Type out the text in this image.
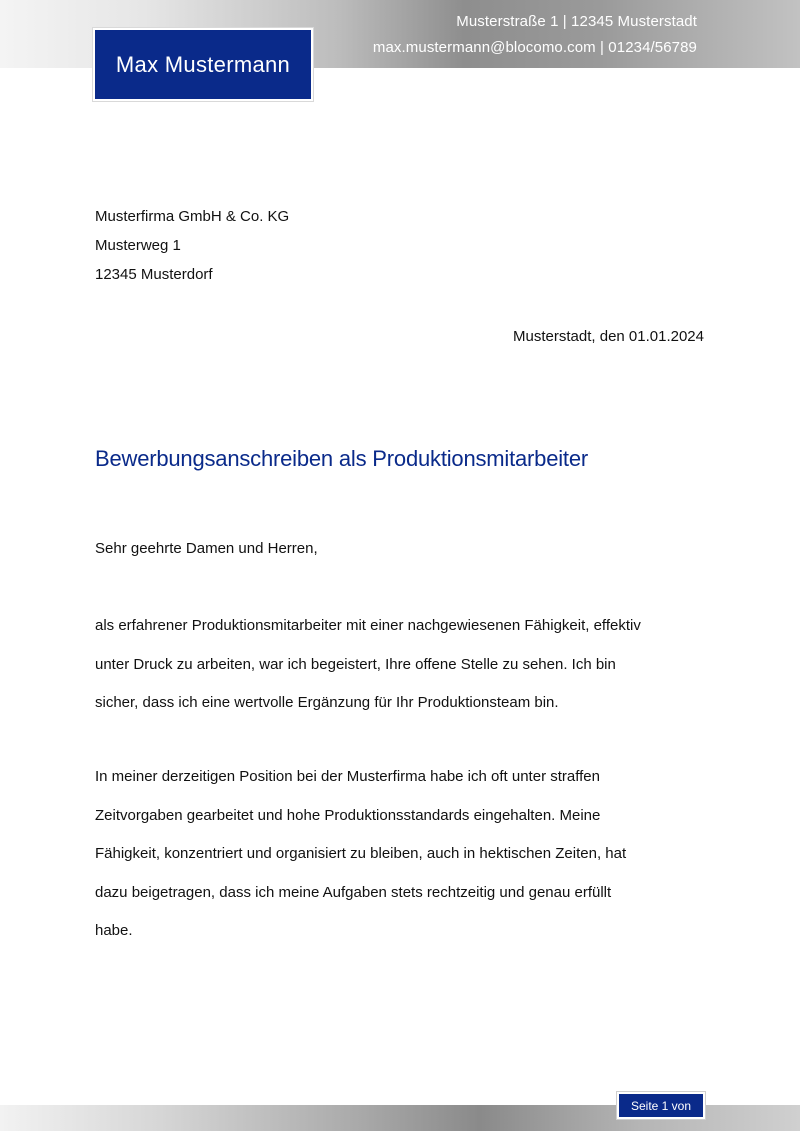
Musterstraße 1 | 12345 Musterstadt
max.mustermann@blocomo.com | 01234/56789
Max Mustermann
Musterfirma GmbH & Co. KG
Musterweg 1
12345 Musterdorf
Musterstadt, den 01.01.2024
Bewerbungsanschreiben als Produktionsmitarbeiter
Sehr geehrte Damen und Herren,
als erfahrener Produktionsmitarbeiter mit einer nachgewiesenen Fähigkeit, effektiv
unter Druck zu arbeiten, war ich begeistert, Ihre offene Stelle zu sehen. Ich bin
sicher, dass ich eine wertvolle Ergänzung für Ihr Produktionsteam bin.
In meiner derzeitigen Position bei der Musterfirma habe ich oft unter straffen
Zeitvorgaben gearbeitet und hohe Produktionsstandards eingehalten. Meine
Fähigkeit, konzentriert und organisiert zu bleiben, auch in hektischen Zeiten, hat
dazu beigetragen, dass ich meine Aufgaben stets rechtzeitig und genau erfüllt
habe.
Seite 1 von
